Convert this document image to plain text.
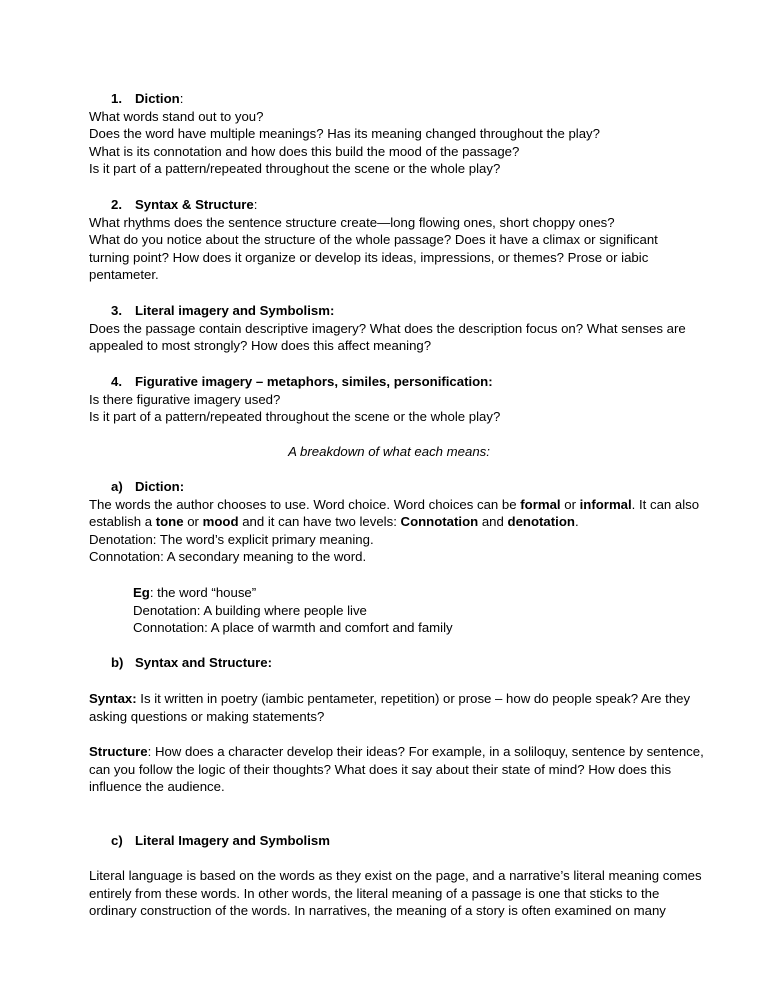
1. Diction:
What words stand out to you?
Does the word have multiple meanings? Has its meaning changed throughout the play?
What is its connotation and how does this build the mood of the passage?
Is it part of a pattern/repeated throughout the scene or the whole play?
2. Syntax & Structure:
What rhythms does the sentence structure create—long flowing ones, short choppy ones?
What do you notice about the structure of the whole passage? Does it have a climax or significant
turning point? How does it organize or develop its ideas, impressions, or themes? Prose or iabic
pentameter.
3. Literal imagery and Symbolism:
Does the passage contain descriptive imagery? What does the description focus on? What senses are
appealed to most strongly? How does this affect meaning?
4. Figurative imagery – metaphors, similes, personification:
Is there figurative imagery used?
Is it part of a pattern/repeated throughout the scene or the whole play?
A breakdown of what each means:
a) Diction:
The words the author chooses to use. Word choice. Word choices can be formal or informal. It can also
establish a tone or mood and it can have two levels: Connotation and denotation.
Denotation: The word’s explicit primary meaning.
Connotation: A secondary meaning to the word.
Eg: the word “house”
Denotation: A building where people live
Connotation: A place of warmth and comfort and family
b) Syntax and Structure:
Syntax: Is it written in poetry (iambic pentameter, repetition) or prose – how do people speak? Are they
asking questions or making statements?
Structure: How does a character develop their ideas? For example, in a soliloquy, sentence by sentence,
can you follow the logic of their thoughts? What does it say about their state of mind? How does this
influence the audience.
c) Literal Imagery and Symbolism
Literal language is based on the words as they exist on the page, and a narrative’s literal meaning comes
entirely from these words. In other words, the literal meaning of a passage is one that sticks to the
ordinary construction of the words. In narratives, the meaning of a story is often examined on many
